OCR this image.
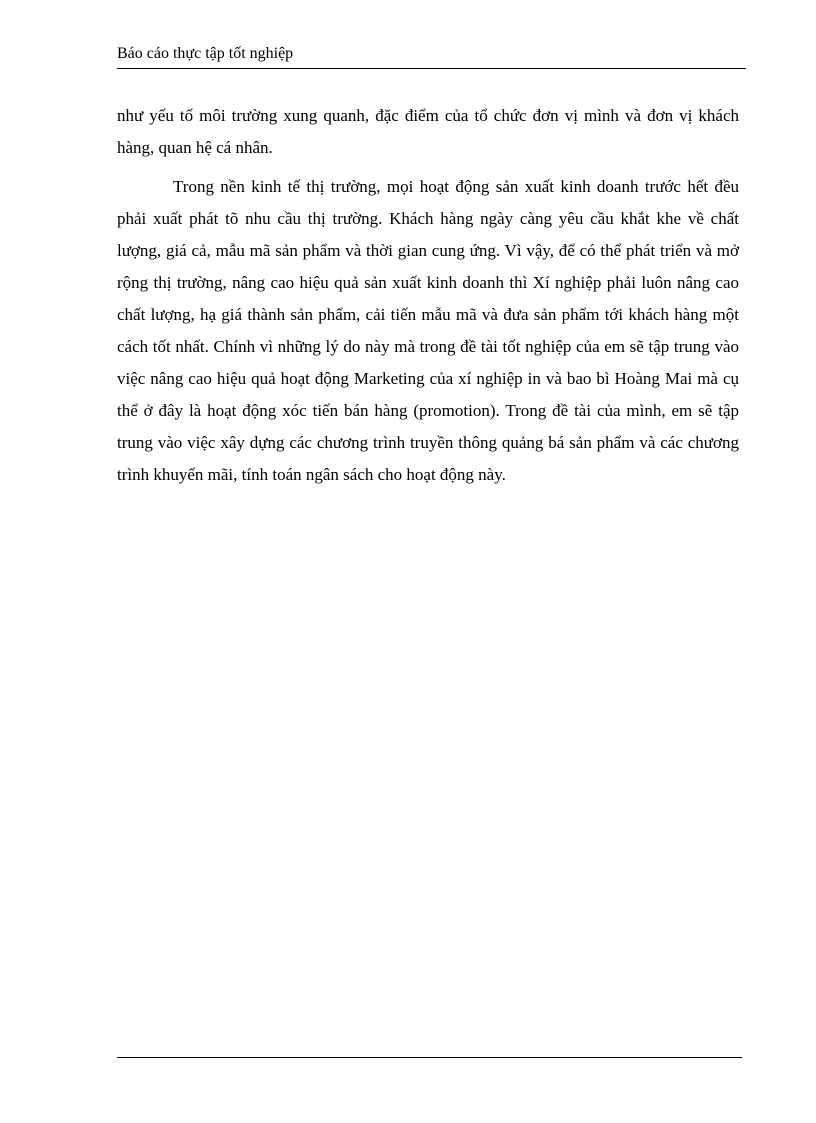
Báo cáo thực tập tốt nghiệp

như yếu tố môi trường xung quanh, đặc điểm của tổ chức đơn vị mình và đơn vị khách hàng, quan hệ cá nhân.

Trong nền kinh tế thị trường, mọi hoạt động sản xuất kinh doanh trước hết đều phải xuất phát tõ nhu cầu thị trường. Khách hàng ngày càng yêu cầu khắt khe về chất lượng, giá cả, mẫu mã sản phẩm và thời gian cung ứng. Vì vậy, để có thể phát triển và mở rộng thị trường, nâng cao hiệu quả sản xuất kinh doanh thì Xí nghiệp phải luôn nâng cao chất lượng, hạ giá thành sản phẩm, cải tiến mẫu mã và đưa sản phẩm tới khách hàng một cách tốt nhất. Chính vì những lý do này mà trong đề tài tốt nghiệp của em sẽ tập trung vào việc nâng cao hiệu quả hoạt động Marketing của xí nghiệp in và bao bì Hoàng Mai mà cụ thể ở đây là hoạt động xóc tiến bán hàng (promotion). Trong đề tài của mình, em sẽ tập trung vào việc xây dựng các chương trình truyền thông quảng bá sản phẩm và các chương trình khuyến mãi, tính toán ngân sách cho hoạt động này.
